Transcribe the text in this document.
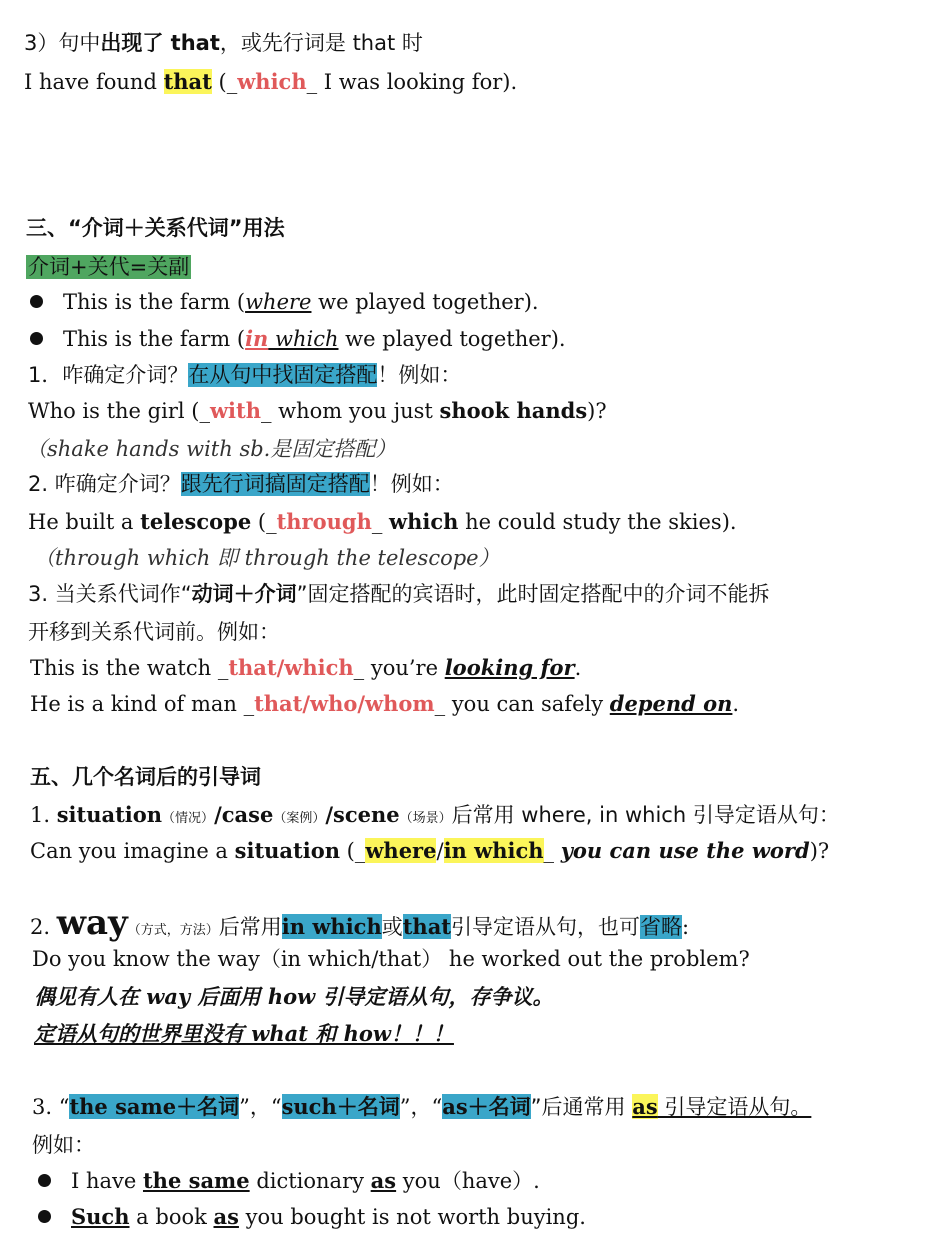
3）句中出现了 that，或先行词是 that 时
I have found that (_which_ I was looking for).
三、“介词＋关系代词”用法
介词+关代=关副
This is the farm (where we played together).
This is the farm (in which we played together).
1．咋确定介词？在从句中找固定搭配！例如：
Who is the girl (_with_ whom you just shook hands)?
（shake hands with sb.是固定搭配）
2. 咋确定介词？跟先行词搞固定搭配！例如：
He built a telescope (_through_ which he could study the skies).
（through which 即 through the telescope）
3. 当关系代词作“动词＋介词”固定搭配的宾语时，此时固定搭配中的介词不能拆
开移到关系代词前。例如：
This is the watch _that/which_ you’re looking for.
He is a kind of man _that/who/whom_ you can safely depend on.
五、几个名词后的引导词
1. situation（情况）/case（案例）/scene（场景）后常用 where, in which 引导定语从句：
Can you imagine a situation (_where/in which_ you can use the word)?
2. way（方式，方法）后常用in which或that引导定语从句，也可省略:
Do you know the way（in which/that） he worked out the problem?
偶见有人在 way 后面用 how 引导定语从句，存争议。
定语从句的世界里没有 what 和 how！！！
3. “the same＋名词”，“such＋名词”，“as＋名词”后通常用 as 引导定语从句。
例如：
I have the same dictionary as you（have）.
Such a book as you bought is not worth buying.
